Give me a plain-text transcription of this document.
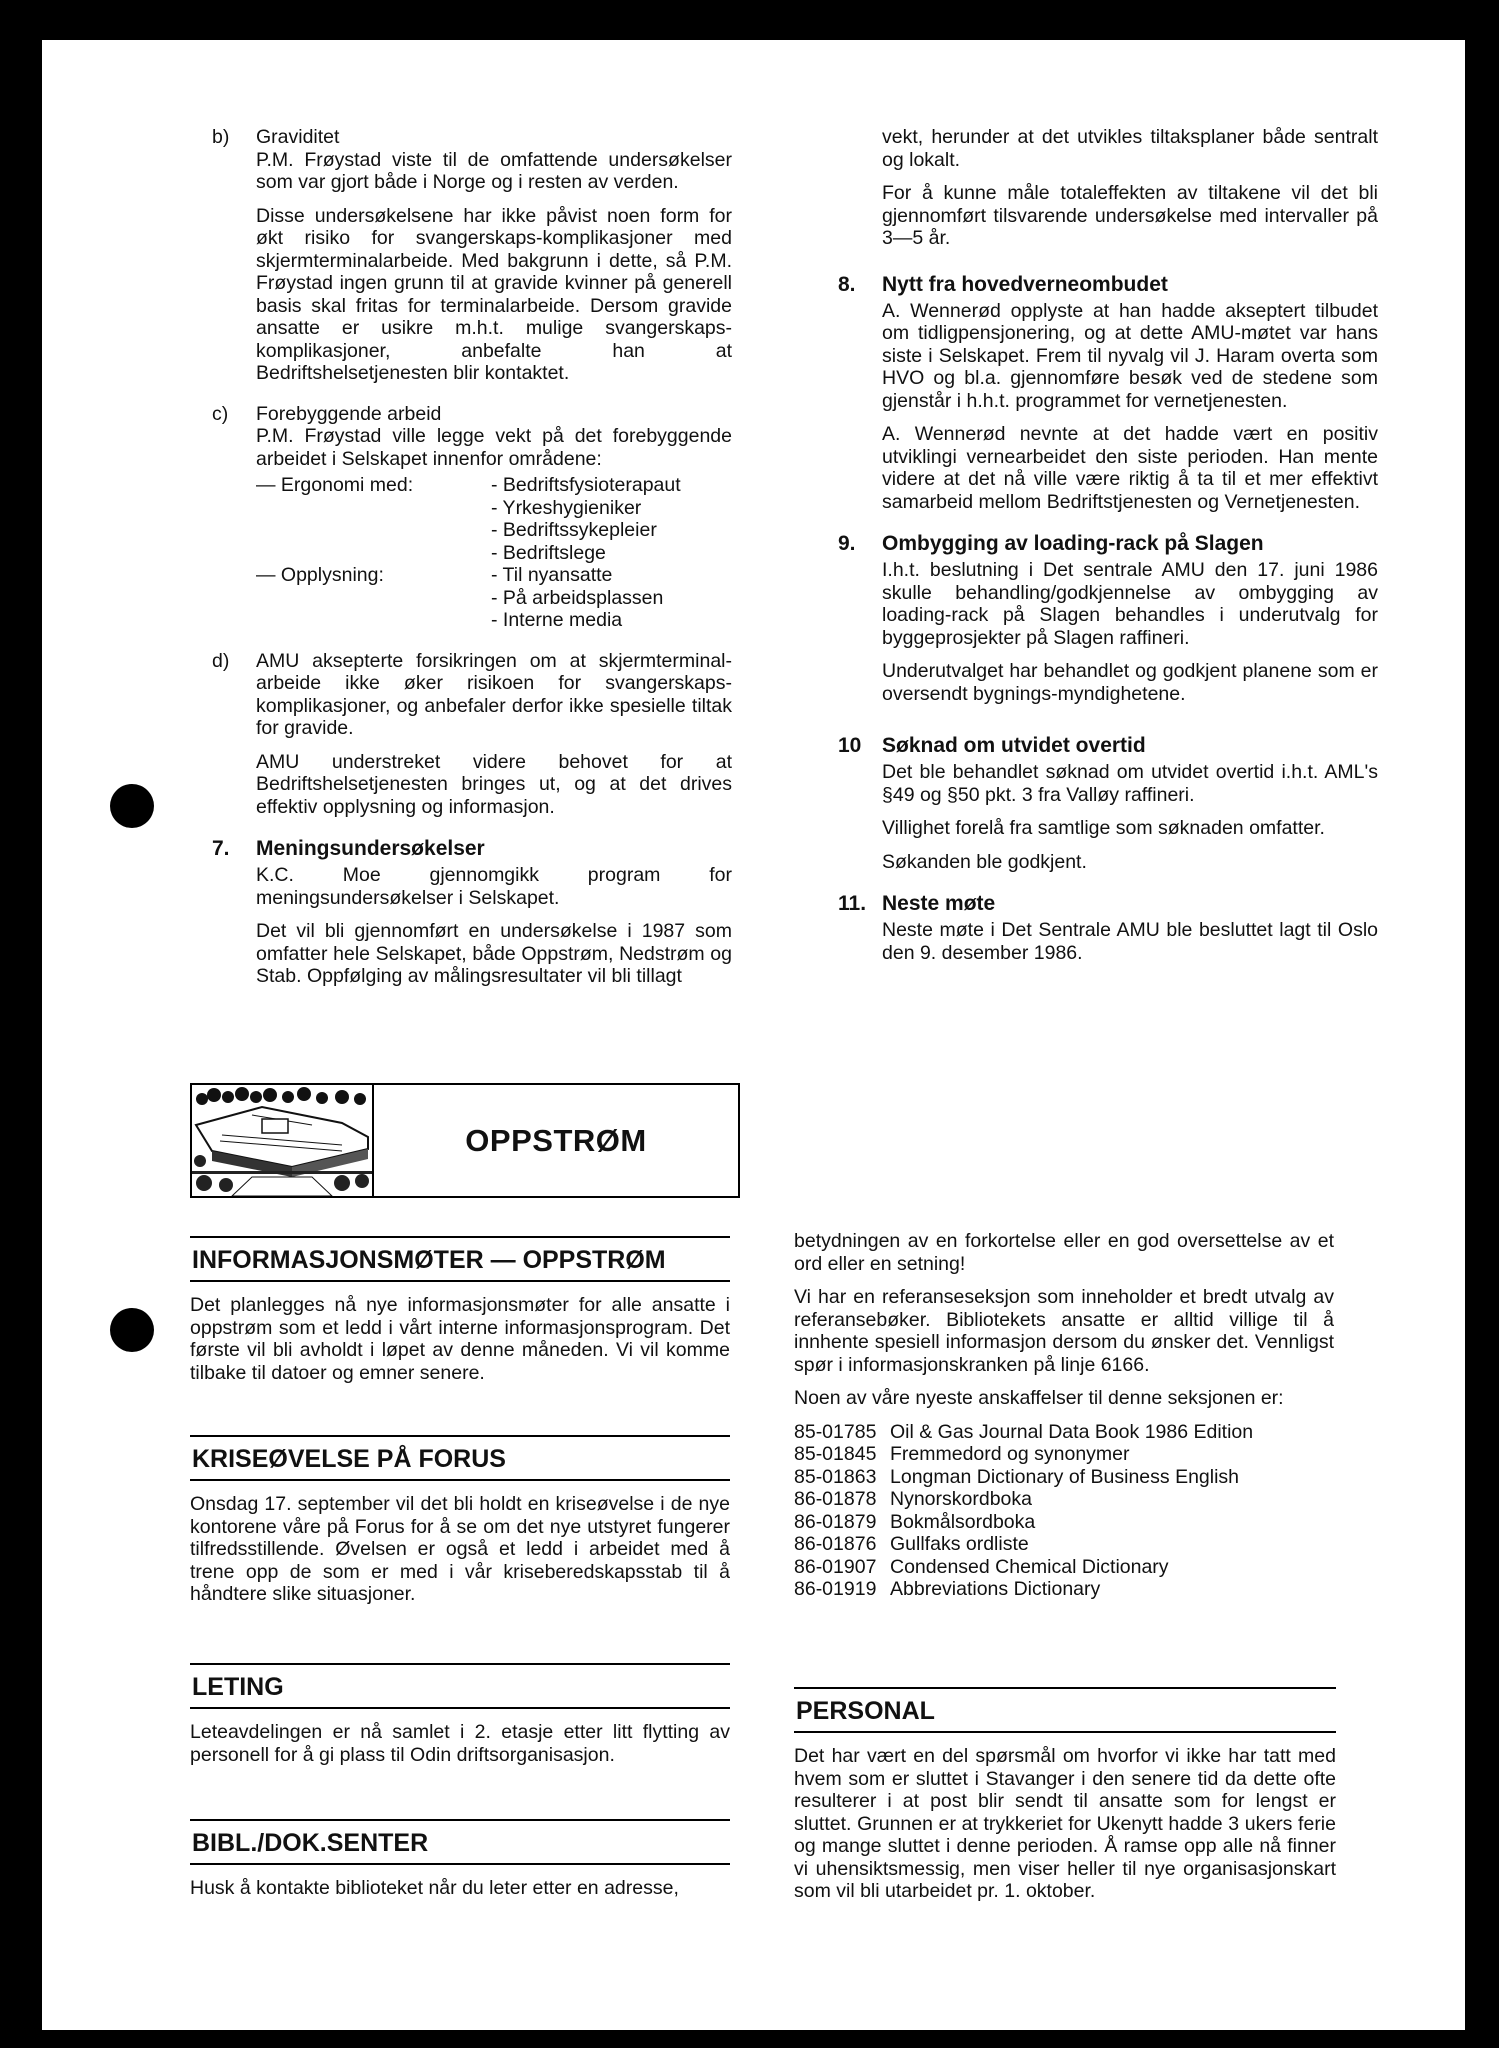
b) Graviditet

P.M. Frøystad viste til de omfattende undersøkelser som var gjort både i Norge og i resten av verden.

Disse undersøkelsene har ikke påvist noen form for økt risiko for svangerskaps-komplikasjoner med skjermterminalarbeide. Med bakgrunn i dette, så P.M. Frøystad ingen grunn til at gravide kvinner på generell basis skal fritas for terminalarbeide. Dersom gravide ansatte er usikre m.h.t. mulige svangerskaps-komplikasjoner, anbefalte han at Bedriftshelsetjenesten blir kontaktet.

c) Forebyggende arbeid

P.M. Frøystad ville legge vekt på det forebyggende arbeidet i Selskapet innenfor områdene:

— Ergonomi med:	- Bedriftsfysioterapaut
	- Yrkeshygieniker
	- Bedriftssykepleier
	- Bedriftslege
— Opplysning:	- Til nyansatte
	- På arbeidsplassen
	- Interne media
d) AMU aksepterte forsikringen om at skjermterminal-arbeide ikke øker risikoen for svangerskaps-komplikasjoner, og anbefaler derfor ikke spesielle tiltak for gravide.

AMU understreket videre behovet for at Bedriftshelsetjenesten bringes ut, og at det drives effektiv opplysning og informasjon.

7. Meningsundersøkelser

K.C. Moe gjennomgikk program for meningsundersøkelser i Selskapet.

Det vil bli gjennomført en undersøkelse i 1987 som omfatter hele Selskapet, både Oppstrøm, Nedstrøm og Stab. Oppfølging av målingsresultater vil bli tillagt

vekt, herunder at det utvikles tiltaksplaner både sentralt og lokalt.

For å kunne måle totaleffekten av tiltakene vil det bli gjennomført tilsvarende undersøkelse med intervaller på 3—5 år.

8. Nytt fra hovedverneombudet

A. Wennerød opplyste at han hadde akseptert tilbudet om tidligpensjonering, og at dette AMU-møtet var hans siste i Selskapet. Frem til nyvalg vil J. Haram overta som HVO og bl.a. gjennomføre besøk ved de stedene som gjenstår i h.h.t. programmet for vernetjenesten.

A. Wennerød nevnte at det hadde vært en positiv utviklingi vernearbeidet den siste perioden. Han mente videre at det nå ville være riktig å ta til et mer effektivt samarbeid mellom Bedriftstjenesten og Vernetjenesten.

9. Ombygging av loading-rack på Slagen

I.h.t. beslutning i Det sentrale AMU den 17. juni 1986 skulle behandling/godkjennelse av ombygging av loading-rack på Slagen behandles i underutvalg for byggeprosjekter på Slagen raffineri.

Underutvalget har behandlet og godkjent planene som er oversendt bygnings-myndighetene.

10 Søknad om utvidet overtid

Det ble behandlet søknad om utvidet overtid i.h.t. AML's §49 og §50 pkt. 3 fra Valløy raffineri.

Villighet forelå fra samtlige som søknaden omfatter.

Søkanden ble godkjent.

11. Neste møte

Neste møte i Det Sentrale AMU ble besluttet lagt til Oslo den 9. desember 1986.

OPPSTRØM
INFORMASJONSMØTER — OPPSTRØM

Det planlegges nå nye informasjonsmøter for alle ansatte i oppstrøm som et ledd i vårt interne informasjonsprogram. Det første vil bli avholdt i løpet av denne måneden. Vi vil komme tilbake til datoer og emner senere.

KRISEØVELSE PÅ FORUS

Onsdag 17. september vil det bli holdt en kriseøvelse i de nye kontorene våre på Forus for å se om det nye utstyret fungerer tilfredsstillende. Øvelsen er også et ledd i arbeidet med å trene opp de som er med i vår kriseberedskapsstab til å håndtere slike situasjoner.

LETING

Leteavdelingen er nå samlet i 2. etasje etter litt flytting av personell for å gi plass til Odin driftsorganisasjon.

BIBL./DOK.SENTER

Husk å kontakte biblioteket når du leter etter en adresse,

betydningen av en forkortelse eller en god oversettelse av et ord eller en setning!

Vi har en referanseseksjon som inneholder et bredt utvalg av referansebøker. Bibliotekets ansatte er alltid villige til å innhente spesiell informasjon dersom du ønsker det. Vennligst spør i informasjonskranken på linje 6166.

Noen av våre nyeste anskaffelser til denne seksjonen er:

85-01785	Oil & Gas Journal Data Book 1986 Edition
85-01845	Fremmedord og synonymer
85-01863	Longman Dictionary of Business English
86-01878	Nynorskordboka
86-01879	Bokmålsordboka
86-01876	Gullfaks ordliste
86-01907	Condensed Chemical Dictionary
86-01919	Abbreviations Dictionary
PERSONAL

Det har vært en del spørsmål om hvorfor vi ikke har tatt med hvem som er sluttet i Stavanger i den senere tid da dette ofte resulterer i at post blir sendt til ansatte som for lengst er sluttet. Grunnen er at trykkeriet for Ukenytt hadde 3 ukers ferie og mange sluttet i denne perioden. Å ramse opp alle nå finner vi uhensiktsmessig, men viser heller til nye organisasjonskart som vil bli utarbeidet pr. 1. oktober.
